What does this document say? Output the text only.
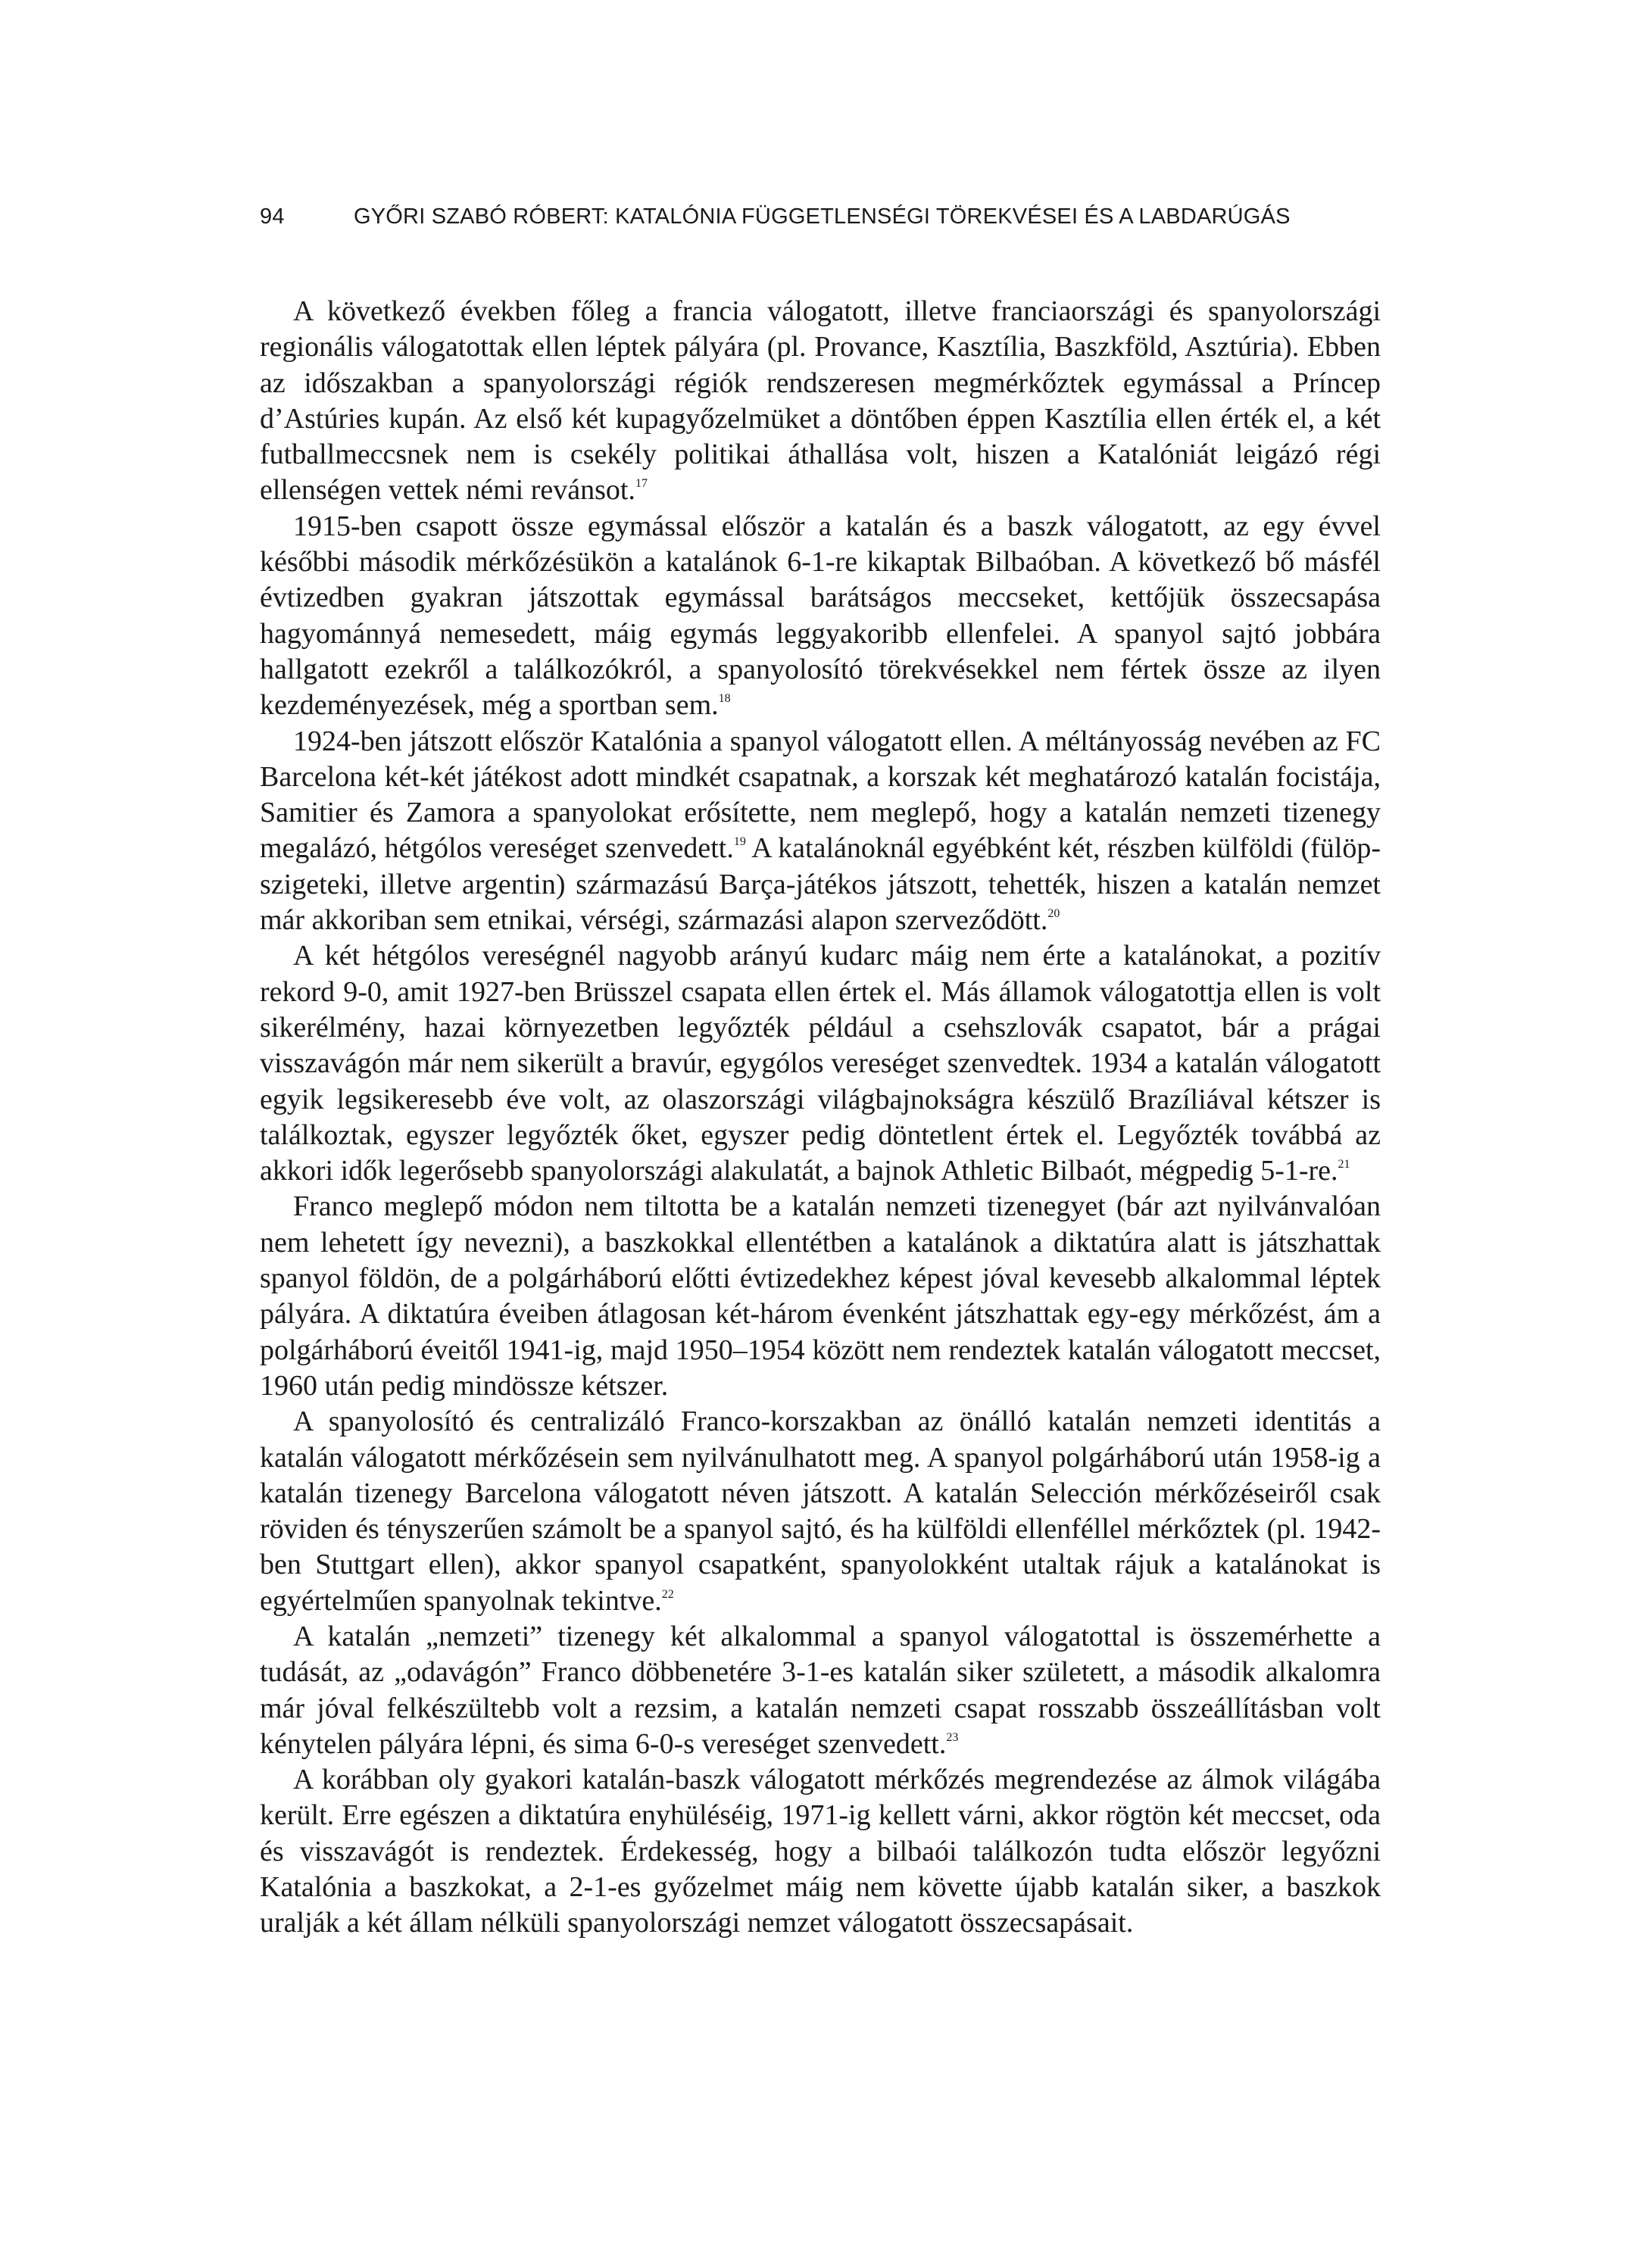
94	GYŐRI SZABÓ RÓBERT: KATALÓNIA FÜGGETLENSÉGI TÖREKVÉSEI ÉS A LABDARÚGÁS

A következő években főleg a francia válogatott, illetve franciaországi és spanyolországi regionális válogatottak ellen léptek pályára (pl. Provance, Kasztília, Baszkföld, Asztúria). Ebben az időszakban a spanyolországi régiók rendszeresen megmérkőztek egymással a Príncep d’Astúries kupán. Az első két kupagyőzelmüket a döntőben éppen Kasztília ellen érték el, a két futballmeccsnek nem is csekély politikai áthallása volt, hiszen a Katalóniát leigázó régi ellenségen vettek némi revánsot.$^{17}$

1915-ben csapott össze egymással először a katalán és a baszk válogatott, az egy évvel későbbi második mérkőzésükön a katalánok 6-1-re kikaptak Bilbaóban. A következő bő másfél évtizedben gyakran játszottak egymással barátságos meccseket, kettőjük összecsapása hagyománnyá nemesedett, máig egymás leggyakoribb ellenfelei. A spanyol sajtó jobbára hallgatott ezekről a találkozókról, a spanyolosító törekvésekkel nem fértek össze az ilyen kezdeményezések, még a sportban sem.$^{18}$

1924-ben játszott először Katalónia a spanyol válogatott ellen. A méltányosság nevében az FC Barcelona két-két játékost adott mindkét csapatnak, a korszak két meghatározó katalán focistája, Samitier és Zamora a spanyolokat erősítette, nem meglepő, hogy a katalán nemzeti tizenegy megalázó, hétgólos vereséget szenvedett.$^{19}$ A katalánoknál egyébként két, részben külföldi (fülöp-szigeteki, illetve argentin) származású Barça-játékos játszott, tehették, hiszen a katalán nemzet már akkoriban sem etnikai, vérségi, származási alapon szerveződött.$^{20}$

A két hétgólos vereségnél nagyobb arányú kudarc máig nem érte a katalánokat, a pozitív rekord 9-0, amit 1927-ben Brüsszel csapata ellen értek el. Más államok válogatottja ellen is volt sikerélmény, hazai környezetben legyőzték például a csehszlovák csapatot, bár a prágai visszavágón már nem sikerült a bravúr, egygólos vereséget szenvedtek. 1934 a katalán válogatott egyik legsikeresebb éve volt, az olaszországi világbajnokságra készülő Brazíliával kétszer is találkoztak, egyszer legyőzték őket, egyszer pedig döntetlent értek el. Legyőzték továbbá az akkori idők legerősebb spanyolországi alakulatát, a bajnok Athletic Bilbaót, mégpedig 5-1-re.$^{21}$

Franco meglepő módon nem tiltotta be a katalán nemzeti tizenegyet (bár azt nyilvánvalóan nem lehetett így nevezni), a baszkokkal ellentétben a katalánok a diktatúra alatt is játszhattak spanyol földön, de a polgárháború előtti évtizedekhez képest jóval kevesebb alkalommal léptek pályára. A diktatúra éveiben átlagosan két-három évenként játszhattak egy-egy mérkőzést, ám a polgárháború éveitől 1941-ig, majd 1950–1954 között nem rendeztek katalán válogatott meccset, 1960 után pedig mindössze kétszer.

A spanyolosító és centralizáló Franco-korszakban az önálló katalán nemzeti identitás a katalán válogatott mérkőzésein sem nyilvánulhatott meg. A spanyol polgárháború után 1958-ig a katalán tizenegy Barcelona válogatott néven játszott. A katalán Selección mérkőzéseiről csak röviden és tényszerűen számolt be a spanyol sajtó, és ha külföldi ellenféllel mérkőztek (pl. 1942-ben Stuttgart ellen), akkor spanyol csapatként, spanyolokként utaltak rájuk a katalánokat is egyértelműen spanyolnak tekintve.$^{22}$

A katalán „nemzeti” tizenegy két alkalommal a spanyol válogatottal is összemérhette a tudását, az „odavágón” Franco döbbenetére 3-1-es katalán siker született, a második alkalomra már jóval felkészültebb volt a rezsim, a katalán nemzeti csapat rosszabb összeállításban volt kénytelen pályára lépni, és sima 6-0-s vereséget szenvedett.$^{23}$

A korábban oly gyakori katalán-baszk válogatott mérkőzés megrendezése az álmok világába került. Erre egészen a diktatúra enyhüléséig, 1971-ig kellett várni, akkor rögtön két meccset, oda és visszavágót is rendeztek. Érdekesség, hogy a bilbaói találkozón tudta először legyőzni Katalónia a baszkokat, a 2-1-es győzelmet máig nem követte újabb katalán siker, a baszkok uralják a két állam nélküli spanyolországi nemzet válogatott összecsapásait.
